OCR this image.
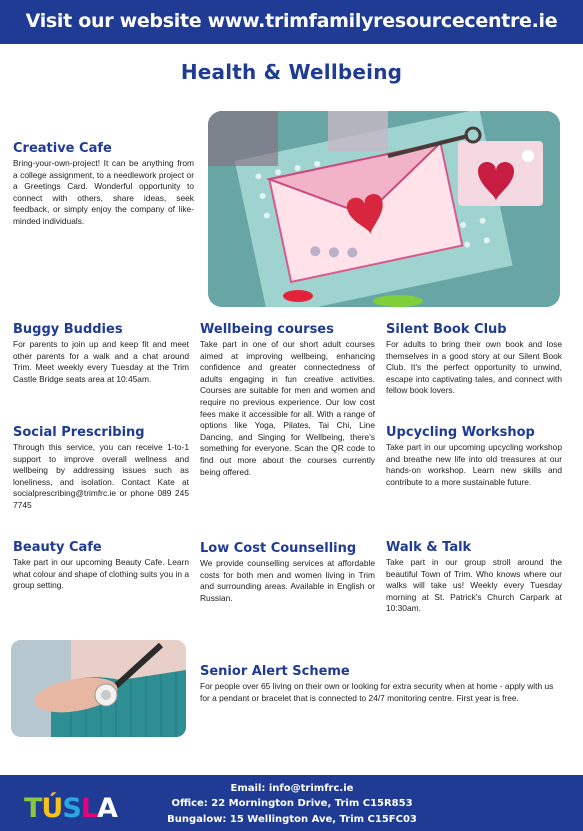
Visit our website www.trimfamilyresourcecentre.ie
Health & Wellbeing
Creative Cafe

Bring-your-own-project! It can be anything from a college assignment, to a needlework project or a Greetings Card. Wonderful opportunity to connect with others, share ideas, seek feedback, or simply enjoy the company of like-minded individuals.

Buggy Buddies

For parents to join up and keep fit and meet other parents for a walk and a chat around Trim. Meet weekly every Tuesday at the Trim Castle Bridge seats area at 10:45am.

Wellbeing courses

Take part in one of our short adult courses aimed at improving wellbeing, enhancing confidence and greater connectedness of adults engaging in fun creative activities. Courses are suitable for men and women and require no previous experience. Our low cost fees make it accessible for all. With a range of options like Yoga, Pilates, Tai Chi, Line Dancing, and Singing for Wellbeing, there's something for everyone. Scan the QR code to find out more about the courses currently being offered.

Silent Book Club

For adults to bring their own book and lose themselves in a good story at our Silent Book Club. It's the perfect opportunity to unwind, escape into captivating tales, and connect with fellow book lovers.

Social Prescribing

Through this service, you can receive 1-to-1 support to improve overall wellness and wellbeing by addressing issues such as loneliness, and isolation. Contact Kate at socialprescribing@trimfrc.ie or phone 089 245 7745

Upcycling Workshop

Take part in our upcoming upcycling workshop and breathe new life into old treasures at our hands-on workshop. Learn new skills and contribute to a more sustainable future.

Beauty Cafe

Take part in our upcoming Beauty Cafe. Learn what colour and shape of clothing suits you in a group setting.

Low Cost Counselling

We provide counselling services at affordable costs for both men and women living in Trim and surrounding areas. Available in English or Russian.

Walk & Talk

Take part in our group stroll around the beautiful Town of Trim. Who knows where our walks will take us! Weekly every Tuesday morning at St. Patrick's Church Carpark at 10:30am.

Senior Alert Scheme

For people over 65 living on their own or looking for extra security when at home - apply with us for a pendant or bracelet that is connected to 24/7 monitoring centre. First year is free.

TÚSLA
Email: info@trimfrc.ie
Office: 22 Mornington Drive, Trim C15R853
Bungalow: 15 Wellington Ave, Trim C15FC03
